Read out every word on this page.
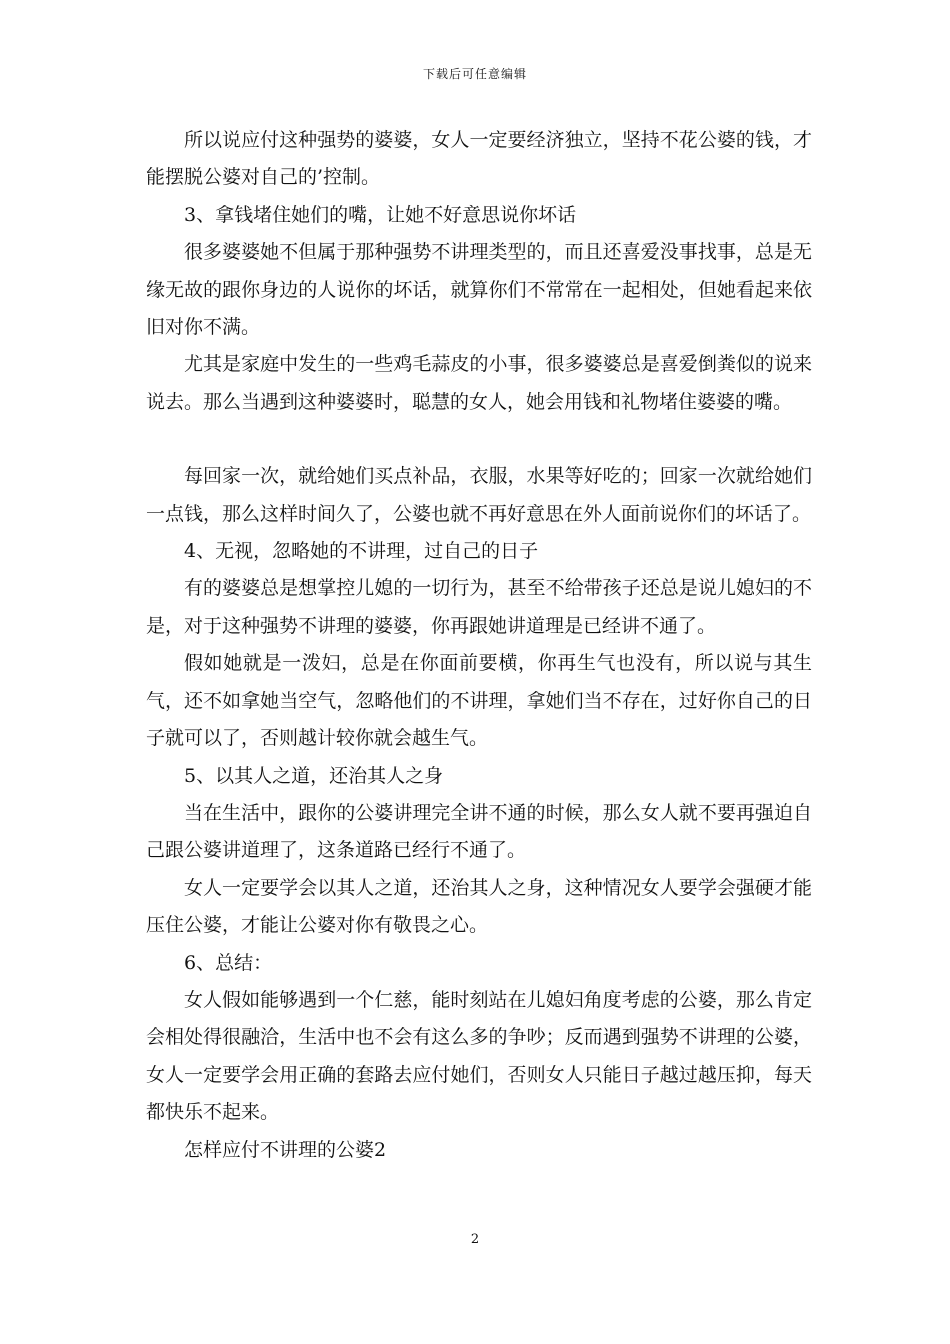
下载后可任意编辑

所以说应付这种强势的婆婆，女人一定要经济独立，坚持不花公婆的钱，才能摆脱公婆对自己的’控制。

3、拿钱堵住她们的嘴，让她不好意思说你坏话

很多婆婆她不但属于那种强势不讲理类型的，而且还喜爱没事找事，总是无缘无故的跟你身边的人说你的坏话，就算你们不常常在一起相处，但她看起来依旧对你不满。

尤其是家庭中发生的一些鸡毛蒜皮的小事，很多婆婆总是喜爱倒粪似的说来说去。那么当遇到这种婆婆时，聪慧的女人，她会用钱和礼物堵住婆婆的嘴。

每回家一次，就给她们买点补品，衣服，水果等好吃的；回家一次就给她们一点钱，那么这样时间久了，公婆也就不再好意思在外人面前说你们的坏话了。

4、无视，忽略她的不讲理，过自己的日子

有的婆婆总是想掌控儿媳的一切行为，甚至不给带孩子还总是说儿媳妇的不是，对于这种强势不讲理的婆婆，你再跟她讲道理是已经讲不通了。

假如她就是一泼妇，总是在你面前要横，你再生气也没有，所以说与其生气，还不如拿她当空气，忽略他们的不讲理，拿她们当不存在，过好你自己的日子就可以了，否则越计较你就会越生气。

5、以其人之道，还治其人之身

当在生活中，跟你的公婆讲理完全讲不通的时候，那么女人就不要再强迫自己跟公婆讲道理了，这条道路已经行不通了。

女人一定要学会以其人之道，还治其人之身，这种情况女人要学会强硬才能压住公婆，才能让公婆对你有敬畏之心。

6、总结：

女人假如能够遇到一个仁慈，能时刻站在儿媳妇角度考虑的公婆，那么肯定会相处得很融洽，生活中也不会有这么多的争吵；反而遇到强势不讲理的公婆，女人一定要学会用正确的套路去应付她们，否则女人只能日子越过越压抑，每天都快乐不起来。

怎样应付不讲理的公婆2

2
